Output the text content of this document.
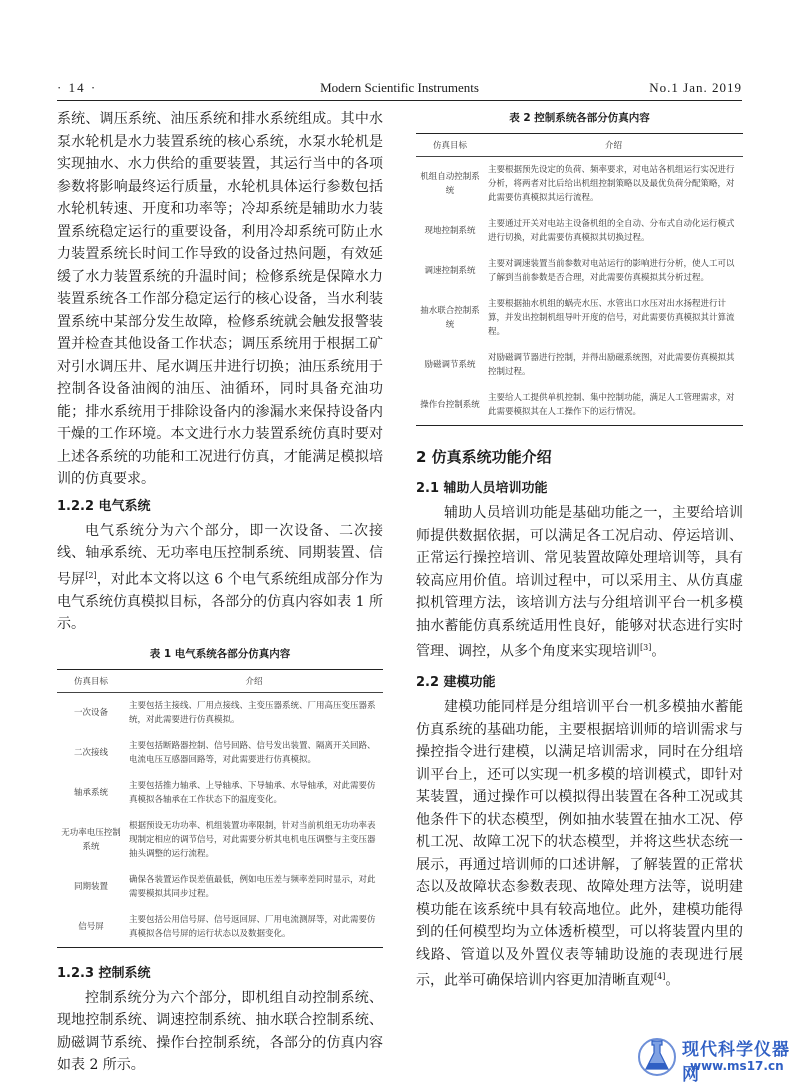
· 14 ·	Modern Scientific Instruments	No.1 Jan. 2019

系统、调压系统、油压系统和排水系统组成。其中水泵水轮机是水力装置系统的核心系统，水泵水轮机是实现抽水、水力供给的重要装置，其运行当中的各项参数将影响最终运行质量，水轮机具体运行参数包括水轮机转速、开度和功率等；冷却系统是辅助水力装置系统稳定运行的重要设备，利用冷却系统可防止水力装置系统长时间工作导致的设备过热问题，有效延缓了水力装置系统的升温时间；检修系统是保障水力装置系统各工作部分稳定运行的核心设备，当水利装置系统中某部分发生故障，检修系统就会触发报警装置并检查其他设备工作状态；调压系统用于根据工矿对引水调压井、尾水调压井进行切换；油压系统用于控制各设备油阀的油压、油循环，同时具备充油功能；排水系统用于排除设备内的渗漏水来保持设备内干燥的工作环境。本文进行水力装置系统仿真时要对上述各系统的功能和工况进行仿真，才能满足模拟培训的仿真要求。

1.2.2 电气系统

电气系统分为六个部分，即一次设备、二次接线、轴承系统、无功率电压控制系统、同期装置、信号屏[2]，对此本文将以这 6 个电气系统组成部分作为电气系统仿真模拟目标，各部分的仿真内容如表 1 所示。

表 1 电气系统各部分仿真内容
仿真目标	介绍
一次设备	主要包括主接线、厂用点接线、主变压器系统、厂用高压变压器系统，对此需要进行仿真模拟。
二次接线	主要包括断路器控制、信号回路、信号发出装置、隔离开关回路、电流电压互感器回路等，对此需要进行仿真模拟。
轴承系统	主要包括推力轴承、上导轴承、下导轴承、水导轴承，对此需要仿真模拟各轴承在工作状态下的温度变化。
无功率电压控制系统	根据预设无功功率、机组装置功率限制，针对当前机组无功功率表现制定相应的调节信号，对此需要分析其电机电压调整与主变压器抽头调整的运行流程。
同期装置	确保各装置运作误差值最低，例如电压差与频率差同时显示，对此需要模拟其同步过程。
信号屏	主要包括公用信号屏、信号返回屏、厂用电流测屏等，对此需要仿真模拟各信号屏的运行状态以及数据变化。
1.2.3 控制系统

控制系统分为六个部分，即机组自动控制系统、现地控制系统、调速控制系统、抽水联合控制系统、励磁调节系统、操作台控制系统，各部分的仿真内容如表 2 所示。

表 2 控制系统各部分仿真内容
仿真目标	介绍
机组自动控制系统	主要根据预先设定的负荷、频率要求，对电站各机组运行实况进行分析，将两者对比后给出机组控制策略以及最优负荷分配策略，对此需要仿真模拟其运行流程。
现地控制系统	主要通过开关对电站主设备机组的全自动、分布式自动化运行模式进行切换，对此需要仿真模拟其切换过程。
调速控制系统	主要对调速装置当前参数对电站运行的影响进行分析，使人工可以了解到当前参数是否合理，对此需要仿真模拟其分析过程。
抽水联合控制系统	主要根据抽水机组的蜗壳水压、水管出口水压对出水扬程进行计算，并发出控制机组导叶开度的信号，对此需要仿真模拟其计算流程。
励磁调节系统	对励磁调节器进行控制，并得出励磁系统图，对此需要仿真模拟其控制过程。
操作台控制系统	主要给人工提供单机控制、集中控制功能，满足人工管理需求，对此需要模拟其在人工操作下的运行情况。
2 仿真系统功能介绍
2.1 辅助人员培训功能

辅助人员培训功能是基础功能之一，主要给培训师提供数据依据，可以满足各工况启动、停运培训、正常运行操控培训、常见装置故障处理培训等，具有较高应用价值。培训过程中，可以采用主、从仿真虚拟机管理方法，该培训方法与分组培训平台一机多模抽水蓄能仿真系统适用性良好，能够对状态进行实时管理、调控，从多个角度来实现培训[3]。

2.2 建模功能

建模功能同样是分组培训平台一机多模抽水蓄能仿真系统的基础功能，主要根据培训师的培训需求与操控指令进行建模，以满足培训需求，同时在分组培训平台上，还可以实现一机多模的培训模式，即针对某装置，通过操作可以模拟得出装置在各种工况或其他条件下的状态模型，例如抽水装置在抽水工况、停机工况、故障工况下的状态模型，并将这些状态统一展示，再通过培训师的口述讲解，了解装置的正常状态以及故障状态参数表现、故障处理方法等，说明建模功能在该系统中具有较高地位。此外，建模功能得到的任何模型均为立体透析模型，可以将装置内里的线路、管道以及外置仪表等辅助设施的表现进行展示，此举可确保培训内容更加清晰直观[4]。

现代科学仪器网
www.ms17.cn
